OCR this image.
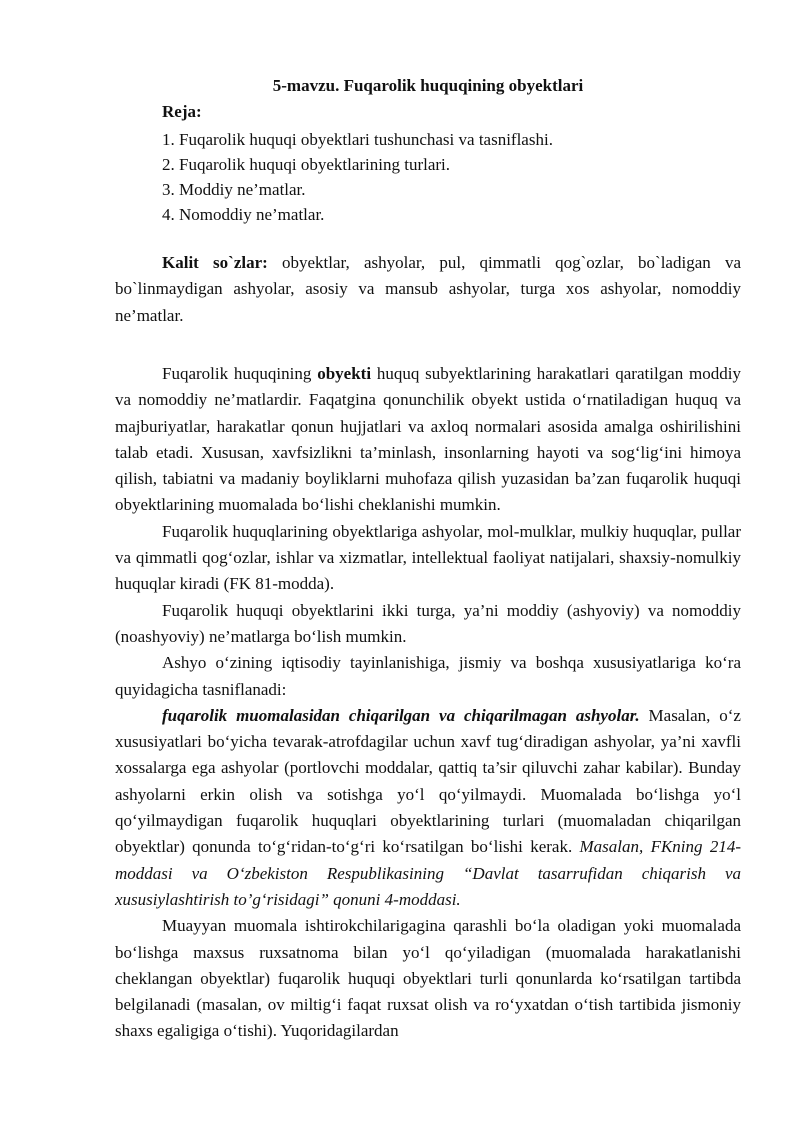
5-mavzu. Fuqarolik huquqining obyektlari

Reja:

1. Fuqarolik huquqi obyektlari tushunchasi va tasniflashi.
2. Fuqarolik huquqi obyektlarining turlari.
3. Moddiy ne’matlar.
4. Nomoddiy ne’matlar.

Kalit so`zlar: obyektlar, ashyolar, pul, qimmatli qog`ozlar, bo`ladigan va bo`linmaydigan ashyolar, asosiy va mansub ashyolar, turga xos ashyolar, nomoddiy ne’matlar.

Fuqarolik huquqining obyekti huquq subyektlarining harakatlari qaratilgan moddiy va nomoddiy ne’matlardir. Faqatgina qonunchilik obyekt ustida o‘rnatiladigan huquq va majburiyatlar, harakatlar qonun hujjatlari va axloq normalari asosida amalga oshirilishini talab etadi. Xususan, xavfsizlikni ta’minlash, insonlarning hayoti va sog‘lig‘ini himoya qilish, tabiatni va madaniy boyliklarni muhofaza qilish yuzasidan ba’zan fuqarolik huquqi obyektlarining muomalada bo‘lishi cheklanishi mumkin.

Fuqarolik huquqlarining obyektlariga ashyolar, mol-mulklar, mulkiy huquqlar, pullar va qimmatli qog‘ozlar, ishlar va xizmatlar, intellektual faoliyat natijalari, shaxsiy-nomulkiy huquqlar kiradi (FK 81-modda).

Fuqarolik huquqi obyektlarini ikki turga, ya’ni moddiy (ashyoviy) va nomoddiy (noashyoviy) ne’matlarga bo‘lish mumkin.

Ashyo o‘zining iqtisodiy tayinlanishiga, jismiy va boshqa xususiyatlariga ko‘ra quyidagicha tasniflanadi:

fuqarolik muomalasidan chiqarilgan va chiqarilmagan ashyolar. Masalan, o‘z xususiyatlari bo‘yicha tevarak-atrofdagilar uchun xavf tug‘diradigan ashyolar, ya’ni xavfli xossalarga ega ashyolar (portlovchi moddalar, qattiq ta’sir qiluvchi zahar kabilar). Bunday ashyolarni erkin olish va sotishga yo‘l qo‘yilmaydi. Muomalada bo‘lishga yo‘l qo‘yilmaydigan fuqarolik huquqlari obyektlarining turlari (muomaladan chiqarilgan obyektlar) qonunda to‘g‘ridan-to‘g‘ri ko‘rsatilgan bo‘lishi kerak. Masalan, FKning 214-moddasi va O‘zbekiston Respublikasining “Davlat tasarrufidan chiqarish va xususiylashtirish to’g‘risidagi” qonuni 4-moddasi.

Muayyan muomala ishtirokchilarigagina qarashli bo‘la oladigan yoki muomalada bo‘lishga maxsus ruxsatnoma bilan yo‘l qo‘yiladigan (muomalada harakatlanishi cheklangan obyektlar) fuqarolik huquqi obyektlari turli qonunlarda ko‘rsatilgan tartibda belgilanadi (masalan, ov miltig‘i faqat ruxsat olish va ro‘yxatdan o‘tish tartibida jismoniy shaxs egaligiga o‘tishi). Yuqoridagilardan
